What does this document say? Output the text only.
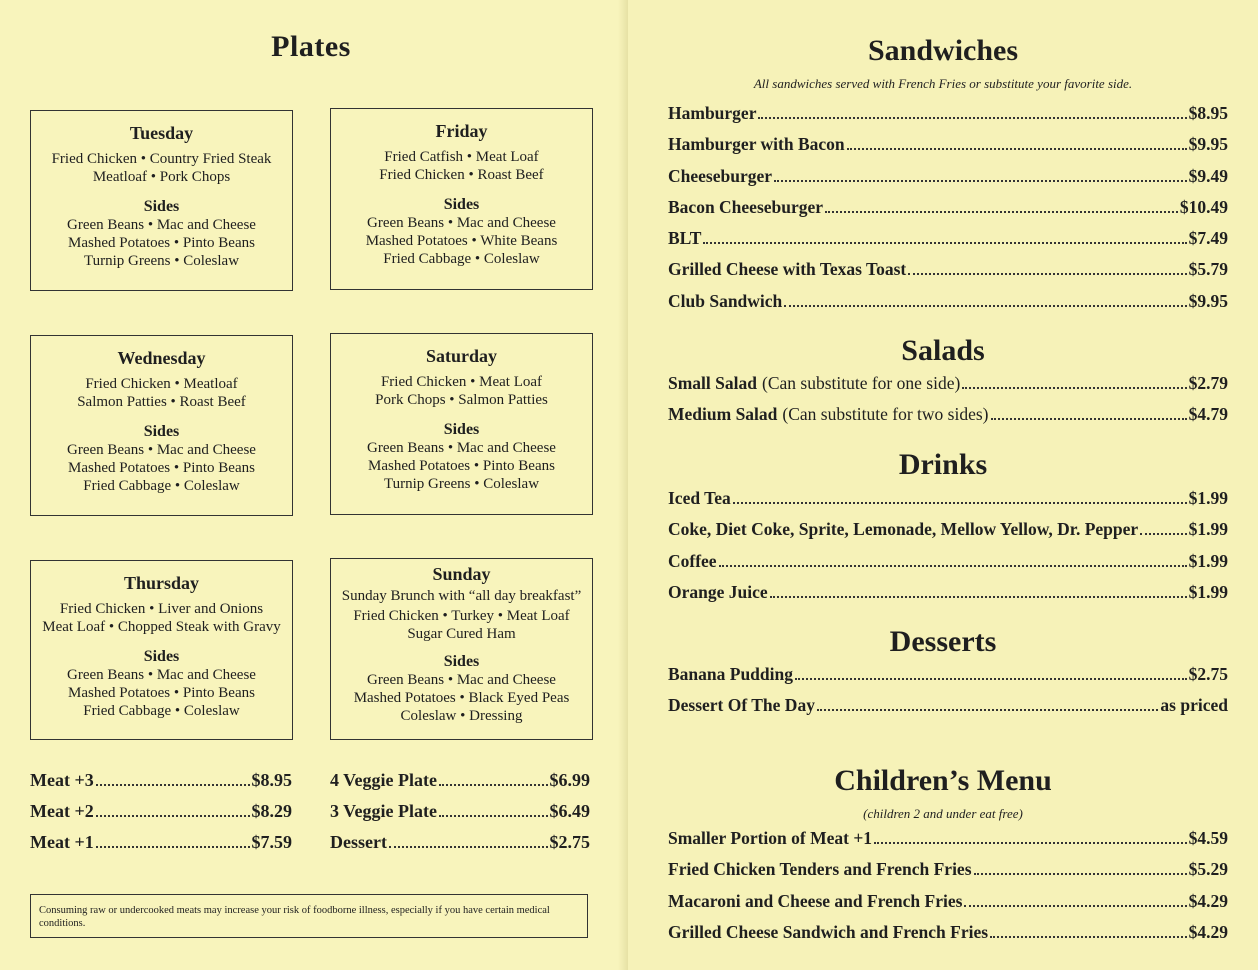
Plates
Tuesday
Fried Chicken • Country Fried Steak
Meatloaf • Pork Chops
Sides
Green Beans • Mac and Cheese
Mashed Potatoes • Pinto Beans
Turnip Greens • Coleslaw
Friday
Fried Catfish • Meat Loaf
Fried Chicken • Roast Beef
Sides
Green Beans • Mac and Cheese
Mashed Potatoes • White Beans
Fried Cabbage • Coleslaw
Wednesday
Fried Chicken • Meatloaf
Salmon Patties • Roast Beef
Sides
Green Beans • Mac and Cheese
Mashed Potatoes • Pinto Beans
Fried Cabbage • Coleslaw
Saturday
Fried Chicken • Meat Loaf
Pork Chops • Salmon Patties
Sides
Green Beans • Mac and Cheese
Mashed Potatoes • Pinto Beans
Turnip Greens • Coleslaw
Thursday
Fried Chicken • Liver and Onions
Meat Loaf • Chopped Steak with Gravy
Sides
Green Beans • Mac and Cheese
Mashed Potatoes • Pinto Beans
Fried Cabbage • Coleslaw
Sunday
Sunday Brunch with “all day breakfast”
Fried Chicken • Turkey • Meat Loaf
Sugar Cured Ham
Sides
Green Beans • Mac and Cheese
Mashed Potatoes • Black Eyed Peas
Coleslaw • Dressing
Meat +3	$8.95
Meat +2	$8.29
Meat +1	$7.59
4 Veggie Plate	$6.99
3 Veggie Plate	$6.49
Dessert	$2.75
Consuming raw or undercooked meats may increase your risk of foodborne illness, especially if you have certain medical conditions.
Sandwiches
All sandwiches served with French Fries or substitute your favorite side.
Hamburger	$8.95
Hamburger with Bacon	$9.95
Cheeseburger	$9.49
Bacon Cheeseburger	$10.49
BLT	$7.49
Grilled Cheese with Texas Toast	$5.79
Club Sandwich	$9.95
Salads
Small Salad (Can substitute for one side)	$2.79
Medium Salad (Can substitute for two sides)	$4.79
Drinks
Iced Tea	$1.99
Coke, Diet Coke, Sprite, Lemonade, Mellow Yellow, Dr. Pepper	$1.99
Coffee	$1.99
Orange Juice	$1.99
Desserts
Banana Pudding	$2.75
Dessert Of The Day	as priced
Children’s Menu
(children 2 and under eat free)
Smaller Portion of Meat +1	$4.59
Fried Chicken Tenders and French Fries	$5.29
Macaroni and Cheese and French Fries	$4.29
Grilled Cheese Sandwich and French Fries	$4.29
